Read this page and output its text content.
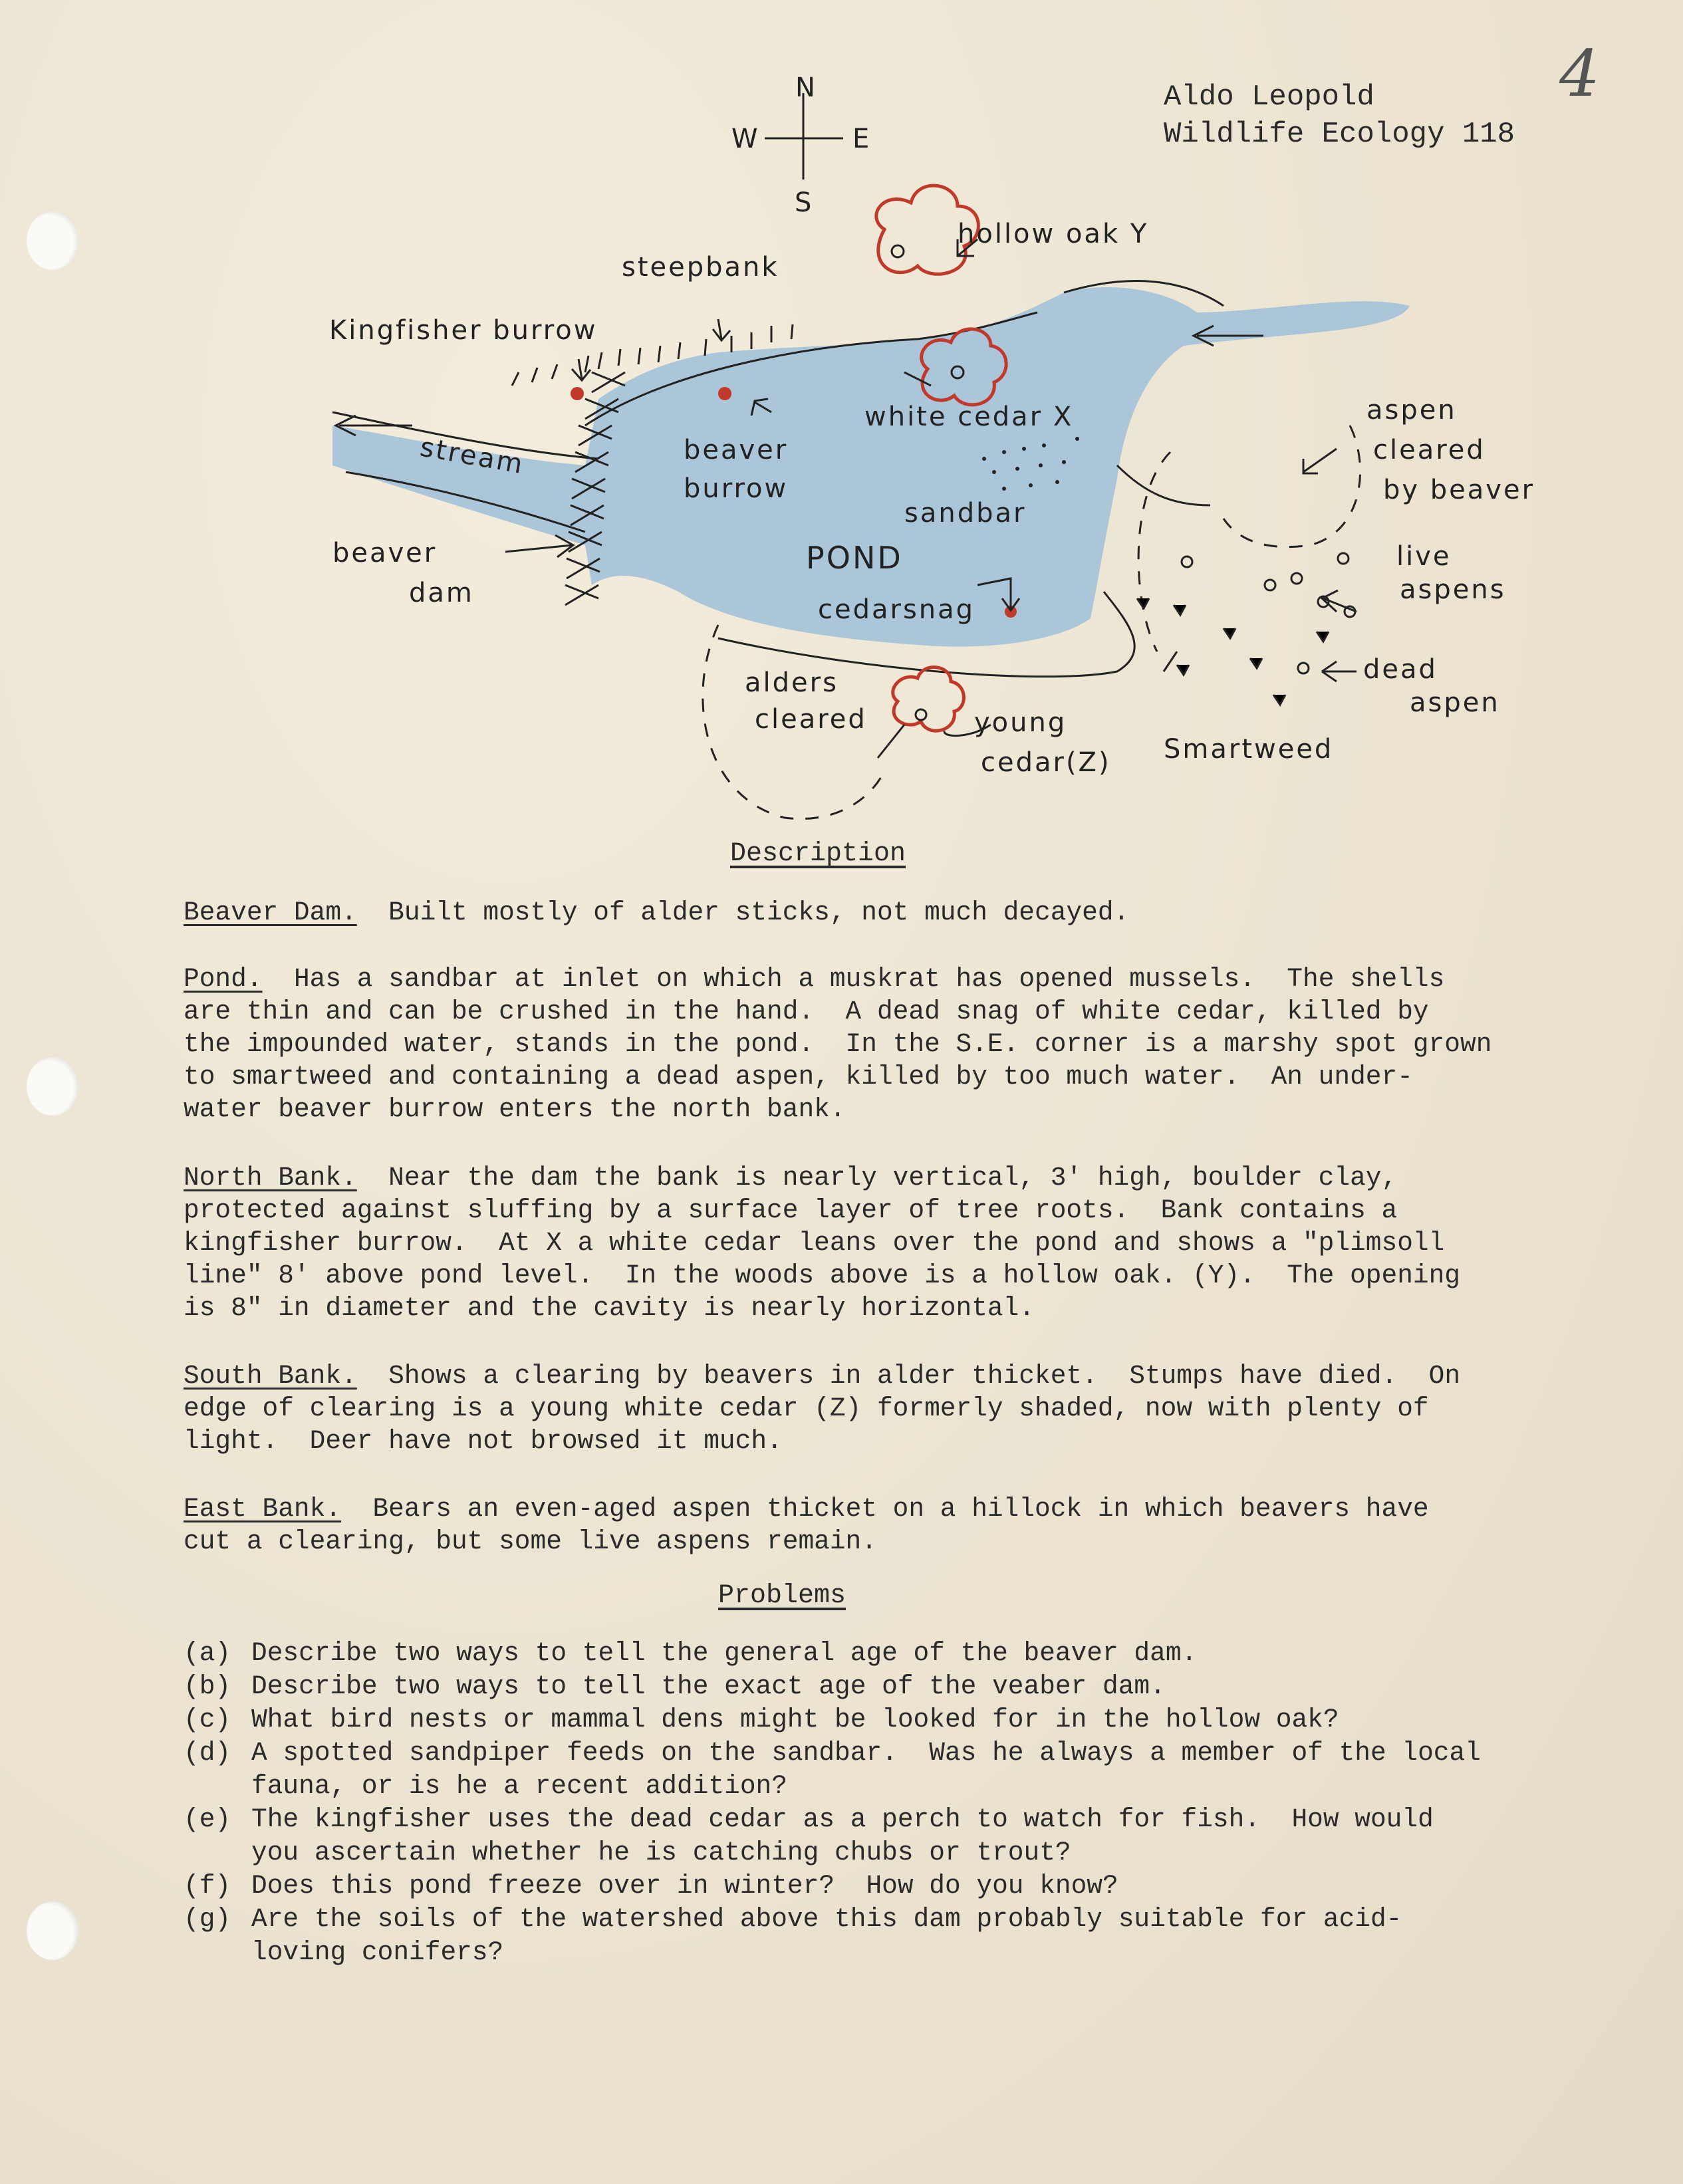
4
Aldo Leopold
Wildlife Ecology 118
N
S
E
W
hollow oak Y
white cedar X
Kingfisher burrow
steepbank
stream	beaver
burrow
sandbar
POND
beaver
dam
cedarsnag
alders
cleared	young
cedar(Z)
aspen
cleared
by beaver
live
aspens
dead
aspen
Smartweed
Description
Beaver Dam.  Built mostly of alder sticks, not much decayed.
Pond.  Has a sandbar at inlet on which a muskrat has opened mussels.  The shells
are thin and can be crushed in the hand.  A dead snag of white cedar, killed by
the impounded water, stands in the pond.  In the S.E. corner is a marshy spot grown
to smartweed and containing a dead aspen, killed by too much water.  An under-
water beaver burrow enters the north bank.
North Bank.  Near the dam the bank is nearly vertical, 3' high, boulder clay,
protected against sluffing by a surface layer of tree roots.  Bank contains a
kingfisher burrow.  At X a white cedar leans over the pond and shows a "plimsoll
line" 8' above pond level.  In the woods above is a hollow oak. (Y).  The opening
is 8" in diameter and the cavity is nearly horizontal.
South Bank.  Shows a clearing by beavers in alder thicket.  Stumps have died.  On
edge of clearing is a young white cedar (Z) formerly shaded, now with plenty of
light.  Deer have not browsed it much.
East Bank.  Bears an even-aged aspen thicket on a hillock in which beavers have
cut a clearing, but some live aspens remain.
Problems
(a) Describe two ways to tell the general age of the beaver dam.
(b) Describe two ways to tell the exact age of the veaber dam.
(c) What bird nests or mammal dens might be looked for in the hollow oak?
(d) A spotted sandpiper feeds on the sandbar.  Was he always a member of the local
fauna, or is he a recent addition?
(e) The kingfisher uses the dead cedar as a perch to watch for fish.  How would
you ascertain whether he is catching chubs or trout?
(f) Does this pond freeze over in winter?  How do you know?
(g) Are the soils of the watershed above this dam probably suitable for acid-
loving conifers?
